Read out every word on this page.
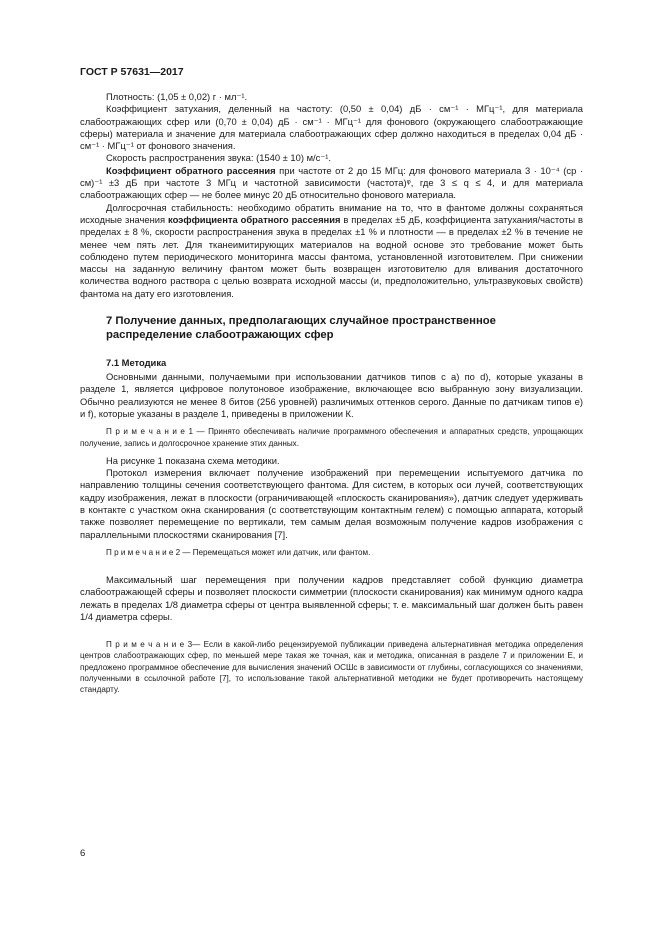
ГОСТ Р 57631—2017

Плотность: (1,05 ± 0,02) г · мл⁻¹.

Коэффициент затухания, деленный на частоту: (0,50 ± 0,04) дБ · см⁻¹ · МГц⁻¹, для материала слабоотражающих сфер или (0,70 ± 0,04) дБ · см⁻¹ · МГц⁻¹ для фонового (окружающего слабоотражающие сферы) материала и значение для материала слабоотражающих сфер должно находиться в пределах 0,04 дБ · см⁻¹ · МГц⁻¹ от фонового значения.

Скорость распространения звука: (1540 ± 10) м/с⁻¹.

Коэффициент обратного рассеяния при частоте от 2 до 15 МГц: для фонового материала 3 · 10⁻⁴ (ср · см)⁻¹ ±3 дБ при частоте 3 МГц и частотной зависимости (частота)ᵠ, где 3 ≤ q ≤ 4, и для материала слабоотражающих сфер — не более минус 20 дБ относительно фонового материала.

Долгосрочная стабильность: необходимо обратить внимание на то, что в фантоме должны сохраняться исходные значения коэффициента обратного рассеяния в пределах ±5 дБ, коэффициента затухания/частоты в пределах ± 8 %, скорости распространения звука в пределах ±1 % и плотности — в пределах ±2 % в течение не менее чем пять лет. Для тканеимитирующих материалов на водной основе это требование может быть соблюдено путем периодического мониторинга массы фантома, установленной изготовителем. При снижении массы на заданную величину фантом может быть возвращен изготовителю для вливания достаточного количества водного раствора с целью возврата исходной массы (и, предположительно, ультразвуковых свойств) фантома на дату его изготовления.

7 Получение данных, предполагающих случайное пространственное распределение слабоотражающих сфер
7.1 Методика

Основными данными, получаемыми при использовании датчиков типов с a) по d), которые указаны в разделе 1, является цифровое полутоновое изображение, включающее всю выбранную зону визуализации. Обычно реализуются не менее 8 битов (256 уровней) различимых оттенков серого. Данные по датчикам типов e) и f), которые указаны в разделе 1, приведены в приложении К.

П р и м е ч а н и е 1 — Принято обеспечивать наличие программного обеспечения и аппаратных средств, упрощающих получение, запись и долгосрочное хранение этих данных.

На рисунке 1 показана схема методики.

Протокол измерения включает получение изображений при перемещении испытуемого датчика по направлению толщины сечения соответствующего фантома. Для систем, в которых оси лучей, соответствующих кадру изображения, лежат в плоскости (ограничивающей «плоскость сканирования»), датчик следует удерживать в контакте с участком окна сканирования (с соответствующим контактным гелем) с помощью аппарата, который также позволяет перемещение по вертикали, тем самым делая возможным получение кадров изображения с параллельными плоскостями сканирования [7].

П р и м е ч а н и е 2 — Перемещаться может или датчик, или фантом.

Максимальный шаг перемещения при получении кадров представляет собой функцию диаметра слабоотражающей сферы и позволяет плоскости симметрии (плоскости сканирования) как минимум одного кадра лежать в пределах 1/8 диаметра сферы от центра выявленной сферы; т. е. максимальный шаг должен быть равен 1/4 диаметра сферы.

П р и м е ч а н и е 3— Если в какой-либо рецензируемой публикации приведена альтернативная методика определения центров слабоотражающих сфер, по меньшей мере такая же точная, как и методика, описанная в разделе 7 и приложении Е, и предложено программное обеспечение для вычисления значений ОСШc в зависимости от глубины, согласующихся со значениями, полученными в ссылочной работе [7], то использование такой альтернативной методики не будет противоречить настоящему стандарту.
6
